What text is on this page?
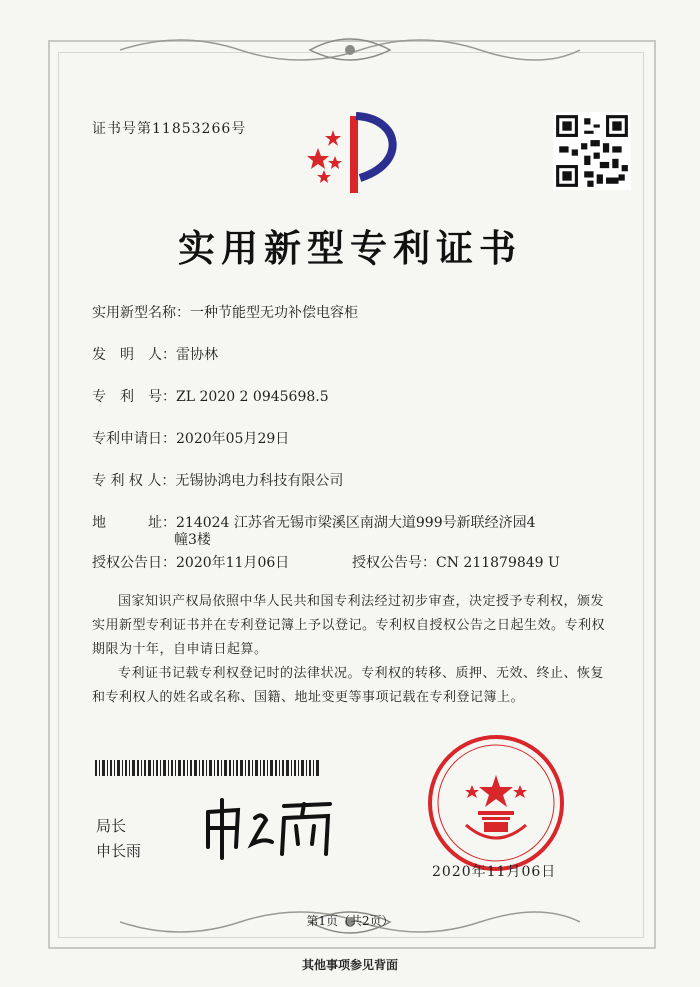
证书号第11853266号
实用新型专利证书
实用新型名称：一种节能型无功补偿电容柜
发　明　人：雷协林
专　利　号：ZL 2020 2 0945698.5
专利申请日：2020年05月29日
专 利 权 人：无锡协鸿电力科技有限公司
地　　　址：214024 江苏省无锡市梁溪区南湖大道999号新联经济园4
幢3楼
授权公告日：2020年11月06日	授权公告号：CN 211879849 U
国家知识产权局依照中华人民共和国专利法经过初步审查，决定授予专利权，颁发实用新型专利证书并在专利登记簿上予以登记。专利权自授权公告之日起生效。专利权期限为十年，自申请日起算。
专利证书记载专利权登记时的法律状况。专利权的转移、质押、无效、终止、恢复和专利权人的姓名或名称、国籍、地址变更等事项记载在专利登记簿上。
局长
申长雨
2020年11月06日
第1页（共2页）
其他事项参见背面
